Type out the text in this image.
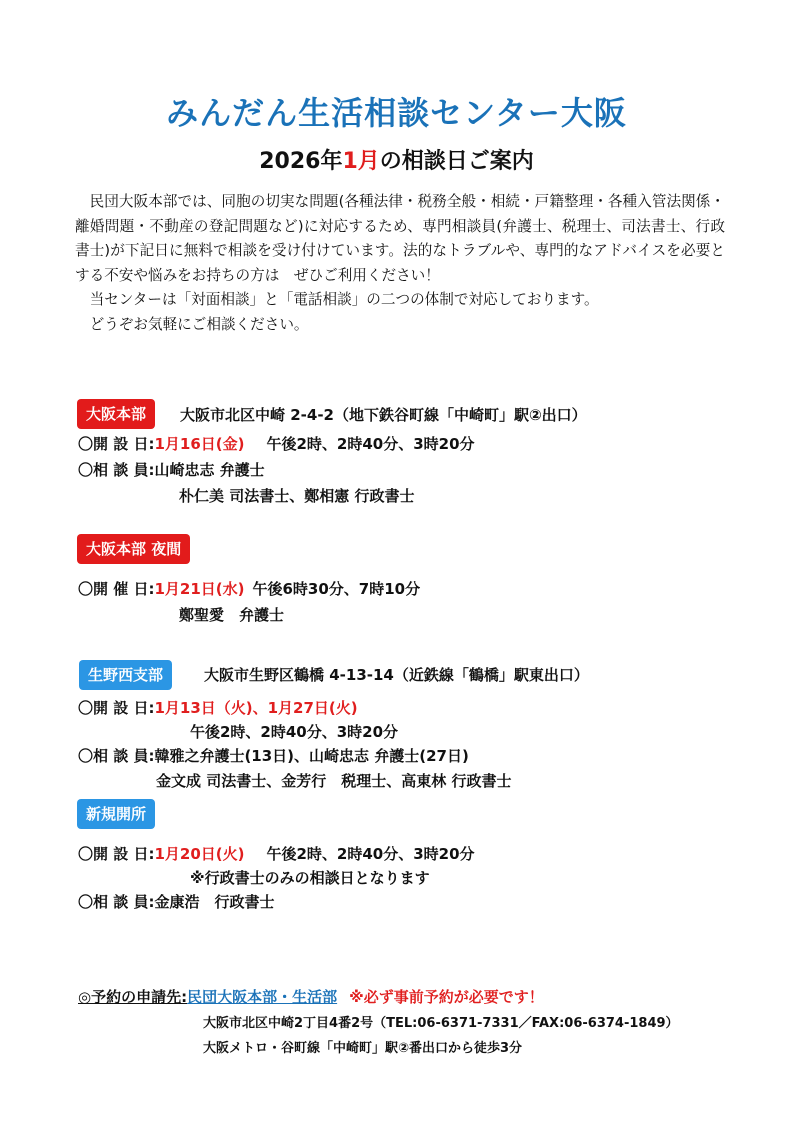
みんだん生活相談センター大阪
2026年1月の相談日ご案内

　民団大阪本部では、同胞の切実な問題(各種法律・税務全般・相続・戸籍整理・各種入管法関係・離婚問題・不動産の登記問題など)に対応するため、専門相談員(弁護士、税理士、司法書士、行政書士)が下記日に無料で相談を受け付けています。法的なトラブルや、専門的なアドバイスを必要とする不安や悩みをお持ちの方は　ぜひご利用ください！

　当センターは「対面相談」と「電話相談」の二つの体制で対応しております。

　どうぞお気軽にご相談ください。

大阪本部	大阪市北区中崎 2-4-2（地下鉄谷町線「中崎町」駅②出口）
〇開 設 日:1月16日(金) 午後2時、2時40分、3時20分
〇相 談 員:山崎忠志 弁護士
朴仁美 司法書士、鄭相憲 行政書士
大阪本部 夜間
〇開 催 日:1月21日(水) 午後6時30分、7時10分
鄭聖愛　弁護士
生野西支部	大阪市生野区鶴橋 4-13-14（近鉄線「鶴橋」駅東出口）
〇開 設 日:1月13日（火)、1月27日(火)
午後2時、2時40分、3時20分
〇相 談 員:韓雅之弁護士(13日)、山崎忠志 弁護士(27日)
金文成 司法書士、金芳行　税理士、高東林 行政書士
新規開所
〇開 設 日:1月20日(火) 午後2時、2時40分、3時20分
※行政書士のみの相談日となります
〇相 談 員:金康浩　行政書士
◎予約の申請先:民団大阪本部・生活部 ※必ず事前予約が必要です！
大阪市北区中崎2丁目4番2号（TEL:06-6371-7331／FAX:06-6374-1849）
大阪メトロ・谷町線「中崎町」駅②番出口から徒歩3分
